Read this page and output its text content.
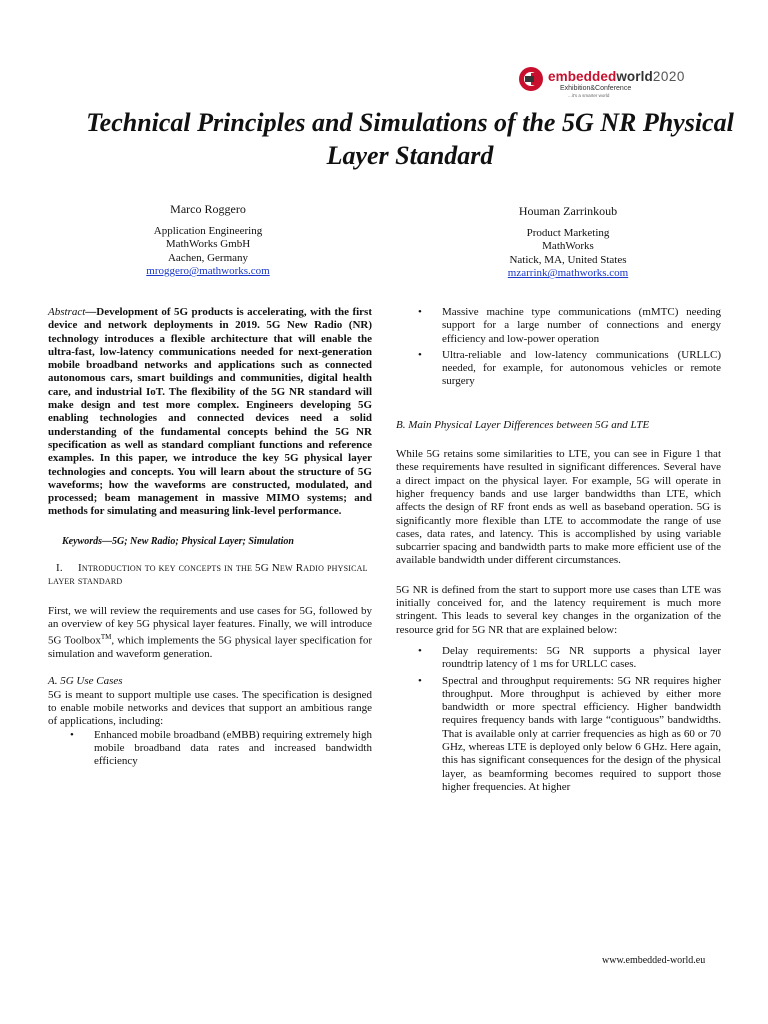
embeddedworld2020
Exhibition&Conference
...it's a smarter world
Technical Principles and Simulations of the 5G NR Physical Layer Standard
Marco Roggero
Application Engineering
MathWorks GmbH
Aachen, Germany
mroggero@mathworks.com
Houman Zarrinkoub
Product Marketing
MathWorks
Natick, MA, United States
mzarrink@mathworks.com

Abstract—Development of 5G products is accelerating, with the first device and network deployments in 2019. 5G New Radio (NR) technology introduces a flexible architecture that will enable the ultra-fast, low-latency communications needed for next-generation mobile broadband networks and applications such as connected autonomous cars, smart buildings and communities, digital health care, and industrial IoT. The flexibility of the 5G NR standard will make design and test more complex. Engineers developing 5G enabling technologies and connected devices need a solid understanding of the fundamental concepts behind the 5G NR specification as well as standard compliant functions and reference examples. In this paper, we introduce the key 5G physical layer technologies and concepts. You will learn about the structure of 5G waveforms; how the waveforms are constructed, modulated, and processed; beam management in massive MIMO systems; and methods for simulating and measuring link-level performance.

Keywords—5G; New Radio; Physical Layer; Simulation

I. Introduction to key concepts in the 5G New Radio physical layer standard

First, we will review the requirements and use cases for 5G, followed by an overview of key 5G physical layer features. Finally, we will introduce 5G Toolbox™, which implements the 5G physical layer specification for simulation and waveform generation.

A. 5G Use Cases

5G is meant to support multiple use cases. The specification is designed to enable mobile networks and devices that support an ambitious range of applications, including:

• Enhanced mobile broadband (eMBB) requiring extremely high mobile broadband data rates and increased bandwidth efficiency
• Massive machine type communications (mMTC) needing support for a large number of connections and energy efficiency and low-power operation
• Ultra-reliable and low-latency communications (URLLC) needed, for example, for autonomous vehicles or remote surgery

B. Main Physical Layer Differences between 5G and LTE

While 5G retains some similarities to LTE, you can see in Figure 1 that these requirements have resulted in significant differences. Several have a direct impact on the physical layer. For example, 5G will operate in higher frequency bands and use larger bandwidths than LTE, which affects the design of RF front ends as well as baseband operation. 5G is significantly more flexible than LTE to accommodate the range of use cases, data rates, and latency. This is accomplished by using variable subcarrier spacing and bandwidth parts to make more efficient use of the available bandwidth under different circumstances.

5G NR is defined from the start to support more use cases than LTE was initially conceived for, and the latency requirement is much more stringent. This leads to several key changes in the organization of the resource grid for 5G NR that are explained below:

• Delay requirements: 5G NR supports a physical layer roundtrip latency of 1 ms for URLLC cases.
• Spectral and throughput requirements: 5G NR requires higher throughput. More throughput is achieved by either more bandwidth or more spectral efficiency. Higher bandwidth requires frequency bands with large “contiguous” bandwidths. That is available only at carrier frequencies as high as 60 or 70 GHz, whereas LTE is deployed only below 6 GHz. Here again, this has significant consequences for the design of the physical layer, as beamforming becomes required to support those higher frequencies. At higher
www.embedded-world.eu
